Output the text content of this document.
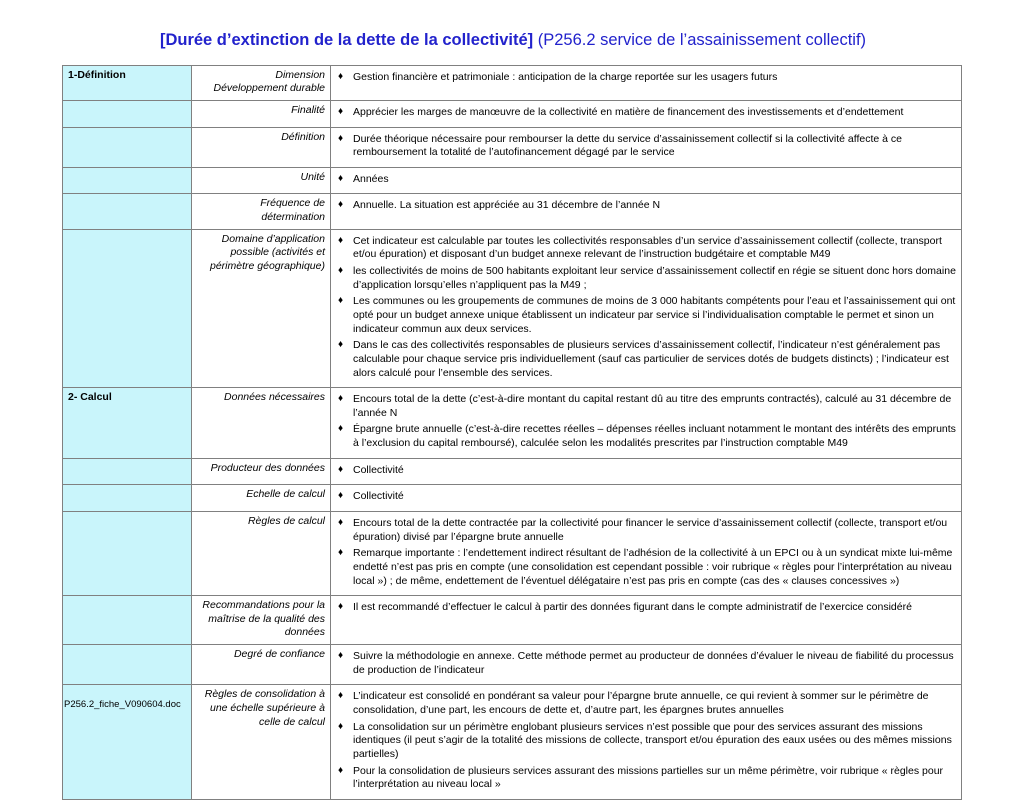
[Durée d’extinction de la dette de la collectivité] (P256.2 service de l’assainissement collectif)
1-Définition	Dimension
Développement durable	
♦ Gestion financière et patrimoniale : anticipation de la charge reportée sur les usagers futurs

	Finalité	
♦Apprécier les marges de manœuvre de la collectivité en matière de financement des investissements et d’endettement

	Définition	
♦Durée théorique nécessaire pour rembourser la dette du service d’assainissement collectif si la collectivité affecte à ce remboursement la totalité de l’autofinancement dégagé par le service

	Unité	
♦Années

	Fréquence de
détermination	
♦ Annuelle. La situation est appréciée au 31 décembre de l’année N

	Domaine d’application
possible (activités et
périmètre géographique)	
♦ Cet indicateur est calculable par toutes les collectivités responsables d’un service d’assainissement collectif (collecte, transport et/ou épuration) et disposant d’un budget annexe relevant de l’instruction budgétaire et comptable M49
♦ les collectivités de moins de 500 habitants exploitant leur service d’assainissement collectif en régie se situent donc hors domaine d’application lorsqu’elles n’appliquent pas la M49 ;
♦ Les communes ou les groupements de communes de moins de 3 000 habitants compétents pour l’eau et l’assainissement qui ont opté pour un budget annexe unique établissent un indicateur par service si l’individualisation comptable le permet et sinon un indicateur commun aux deux services.
♦ Dans le cas des collectivités responsables de plusieurs services d’assainissement collectif, l’indicateur n’est généralement pas calculable pour chaque service pris individuellement (sauf cas particulier de services dotés de budgets distincts) ; l’indicateur est alors calculé pour l’ensemble des services.

2- Calcul	Données nécessaires	
♦Encours total de la dette (c’est-à-dire montant du capital restant dû au titre des emprunts contractés), calculé au 31 décembre de l’année N
♦ Épargne brute annuelle (c’est-à-dire recettes réelles – dépenses réelles incluant notamment le montant des intérêts des emprunts à l’exclusion du capital remboursé), calculée selon les modalités prescrites par l’instruction comptable M49

	Producteur des données	
♦Collectivité

	Echelle de calcul	
♦Collectivité

	Règles de calcul	
♦Encours total de la dette contractée par la collectivité pour financer le service d’assainissement collectif (collecte, transport et/ou épuration) divisé par l’épargne brute annuelle
♦ Remarque importante : l’endettement indirect résultant de l’adhésion de la collectivité à un EPCI ou à un syndicat mixte lui-même endetté n’est pas pris en compte (une consolidation est cependant possible : voir rubrique « règles pour l’interprétation au niveau local ») ; de même, endettement de l’éventuel délégataire n’est pas pris en compte (cas des « clauses concessives »)

	Recommandations pour la
maîtrise de la qualité des
données	
♦ Il est recommandé d’effectuer le calcul à partir des données figurant dans le compte administratif de l’exercice considéré

	Degré de confiance	
♦Suivre la méthodologie en annexe. Cette méthode permet au producteur de données d’évaluer le niveau de fiabilité du processus de production de l’indicateur

	Règles de consolidation à
une échelle supérieure à
celle de calcul	
♦ L’indicateur est consolidé en pondérant sa valeur pour l’épargne brute annuelle, ce qui revient à sommer sur le périmètre de consolidation, d’une part, les encours de dette et, d’autre part, les épargnes brutes annuelles
♦ La consolidation sur un périmètre englobant plusieurs services n’est possible que pour des services assurant des missions identiques (il peut s’agir de la totalité des missions de collecte, transport et/ou épuration des eaux usées ou des mêmes missions partielles)
♦ Pour la consolidation de plusieurs services assurant des missions partielles sur un même périmètre, voir rubrique « règles pour l’interprétation au niveau local »
P256.2_fiche_V090604.doc
